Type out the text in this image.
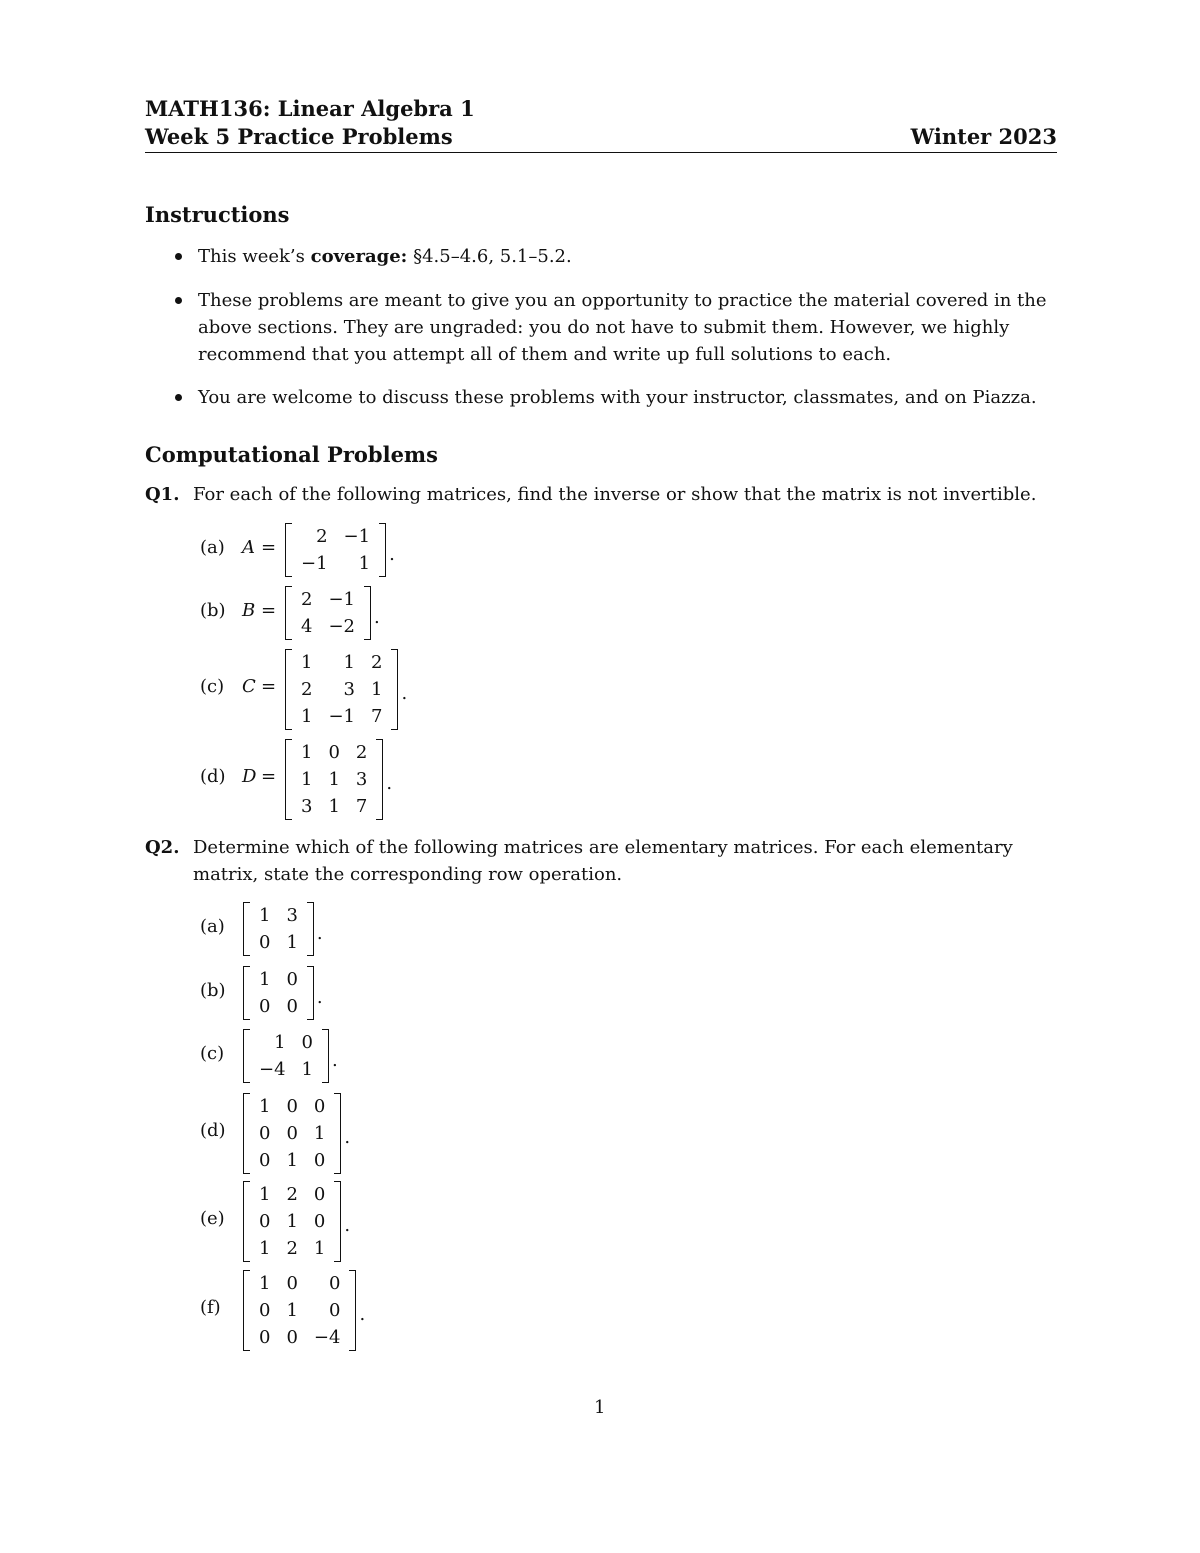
MATH136: Linear Algebra 1
Week 5 Practice Problems	Winter 2023
Instructions
This week’s coverage: §4.5–4.6, 5.1–5.2.
These problems are meant to give you an opportunity to practice the material covered in the
above sections. They are ungraded: you do not have to submit them. However, we highly
recommend that you attempt all of them and write up full solutions to each.
You are welcome to discuss these problems with your instructor, classmates, and on Piazza.
Computational Problems
Q1. For each of the following matrices, find the inverse or show that the matrix is not invertible.
(a) A =
2	−1
−1	1 .
(b) B =
2	−1
4	−2 .
(c) C =
1	1	2
2	3	1
1	−1	7
.
(d) D =
1	0	2
1	1	3
3	1	7
.
Q2. Determine which of the following matrices are elementary matrices. For each elementary
matrix, state the corresponding row operation.
(a)
1	3
0	1 .
(b)
1	0
0	0 .
(c)
1	0
−4	1 .
(d)
1	0	0
0	0	1
0	1	0
.
(e)
1	2	0
0	1	0
1	2	1
.
(f)
1	0	0
0	1	0
0	0	−4
.
1
